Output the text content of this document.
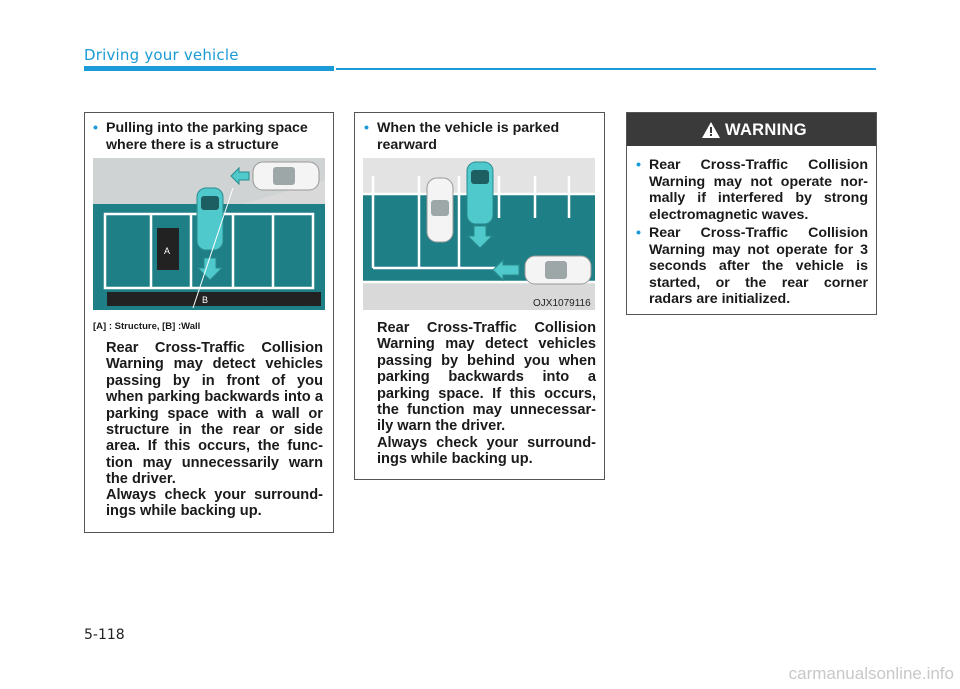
Driving your vehicle
• Pulling into the parking space where there is a structure
A
B	OJX1079115
[A] : Structure, [B] :Wall
Rear Cross-Traffic Collision Warning may detect vehicles passing by in front of you when parking backwards into a parking space with a wall or structure in the rear or side area. If this occurs, the func-tion may unnecessarily warn the driver.
Always check your surround-ings while backing up.
• When the vehicle is parked rearward
OJX1079116
Rear Cross-Traffic Collision Warning may detect vehicles passing by behind you when parking backwards into a parking space. If this occurs, the function may unnecessar-ily warn the driver.
Always check your surround-ings while backing up.
WARNING
• Rear Cross-Traffic Collision Warning may not operate nor-mally if interfered by strong electromagnetic waves.
• Rear Cross-Traffic Collision Warning may not operate for 3 seconds after the vehicle is started, or the rear corner radars are initialized.
5-118
carmanualsonline.info
